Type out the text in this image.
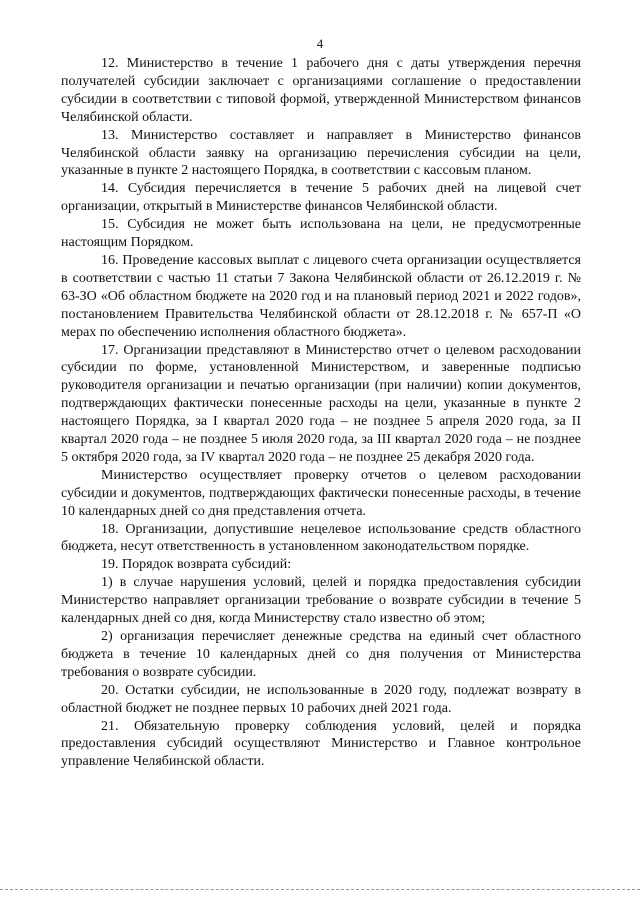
4

12. Министерство в течение 1 рабочего дня с даты утверждения перечня получателей субсидии заключает с организациями соглашение о предоставлении субсидии в соответствии с типовой формой, утвержденной Министерством финансов Челябинской области.

13. Министерство составляет и направляет в Министерство финансов Челябинской области заявку на организацию перечисления субсидии на цели, указанные в пункте 2 настоящего Порядка, в соответствии с кассовым планом.

14. Субсидия перечисляется в течение 5 рабочих дней на лицевой счет организации, открытый в Министерстве финансов Челябинской области.

15. Субсидия не может быть использована на цели, не предусмотренные настоящим Порядком.

16. Проведение кассовых выплат с лицевого счета организации осуществляется в соответствии с частью 11 статьи 7 Закона Челябинской области от 26.12.2019 г. № 63-ЗО «Об областном бюджете на 2020 год и на плановый период 2021 и 2022 годов», постановлением Правительства Челябинской области от 28.12.2018 г. № 657-П «О мерах по обеспечению исполнения областного бюджета».

17. Организации представляют в Министерство отчет о целевом расходовании субсидии по форме, установленной Министерством, и заверенные подписью руководителя организации и печатью организации (при наличии) копии документов, подтверждающих фактически понесенные расходы на цели, указанные в пункте 2 настоящего Порядка, за I квартал 2020 года – не позднее 5 апреля 2020 года, за II квартал 2020 года – не позднее 5 июля 2020 года, за III квартал 2020 года – не позднее 5 октября 2020 года, за IV квартал 2020 года – не позднее 25 декабря 2020 года.

Министерство осуществляет проверку отчетов о целевом расходовании субсидии и документов, подтверждающих фактически понесенные расходы, в течение 10 календарных дней со дня представления отчета.

18. Организации, допустившие нецелевое использование средств областного бюджета, несут ответственность в установленном законодательством порядке.

19. Порядок возврата субсидий:

1) в случае нарушения условий, целей и порядка предоставления субсидии Министерство направляет организации требование о возврате субсидии в течение 5 календарных дней со дня, когда Министерству стало известно об этом;

2) организация перечисляет денежные средства на единый счет областного бюджета в течение 10 календарных дней со дня получения от Министерства требования о возврате субсидии.

20. Остатки субсидии, не использованные в 2020 году, подлежат возврату в областной бюджет не позднее первых 10 рабочих дней 2021 года.

21. Обязательную проверку соблюдения условий, целей и порядка предоставления субсидий осуществляют Министерство и Главное контрольное управление Челябинской области.
